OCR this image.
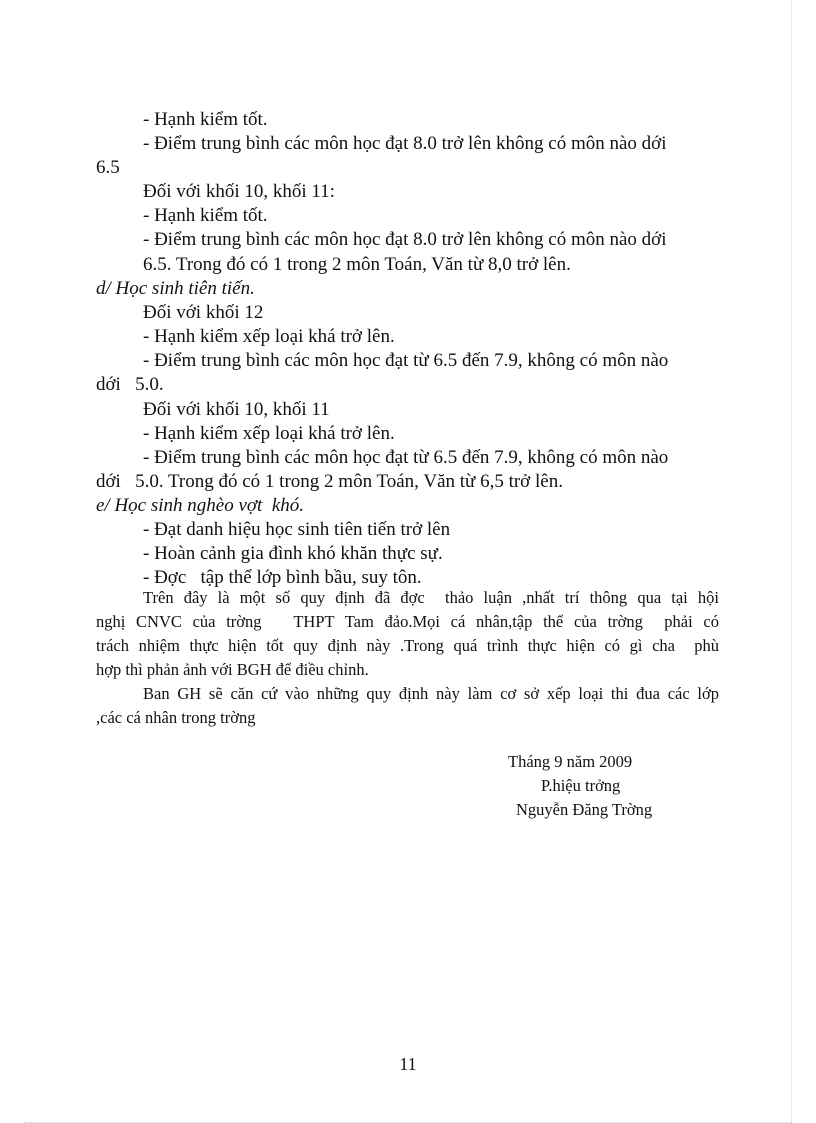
- Hạnh kiểm tốt.
- Điểm trung bình các môn học đạt 8.0 trở lên không có môn nào dới
6.5
Đối với khối 10, khối 11:
- Hạnh kiểm tốt.
- Điểm trung bình các môn học đạt 8.0 trở lên không có môn nào dới
6.5. Trong đó có 1 trong 2 môn Toán, Văn từ 8,0 trở lên.
d/ Học sinh tiên tiến.
Đối với khối 12
- Hạnh kiểm xếp loại khá trở lên.
- Điểm trung bình các môn học đạt từ 6.5 đến 7.9, không có môn nào
dới   5.0.
Đối với khối 10, khối 11
- Hạnh kiểm xếp loại khá trở lên.
- Điểm trung bình các môn học đạt từ 6.5 đến 7.9, không có môn nào
dới   5.0. Trong đó có 1 trong 2 môn Toán, Văn từ 6,5 trở lên.
e/ Học sinh nghèo vợt  khó.
- Đạt danh hiệu học sinh tiên tiến trở lên
- Hoàn cảnh gia đình khó khăn thực sự.
- Đợc   tập thể lớp bình bầu, suy tôn.
Trên đây là một số quy định đã đợc  thảo luận ,nhất trí thông qua tại hội
nghị CNVC của trờng   THPT Tam đảo.Mọi cá nhân,tập thể của trờng  phải có
trách nhiệm thực hiện tốt quy định này .Trong quá trình thực hiện có gì cha  phù
hợp thì phản ảnh với BGH để điều chỉnh.
Ban GH sẽ căn cứ vào những quy định này làm cơ sở xếp loại thi đua các lớp
,các cá nhân trong trờng
Tháng 9 năm 2009
P.hiệu trởng
Nguyễn Đăng Trờng
11
